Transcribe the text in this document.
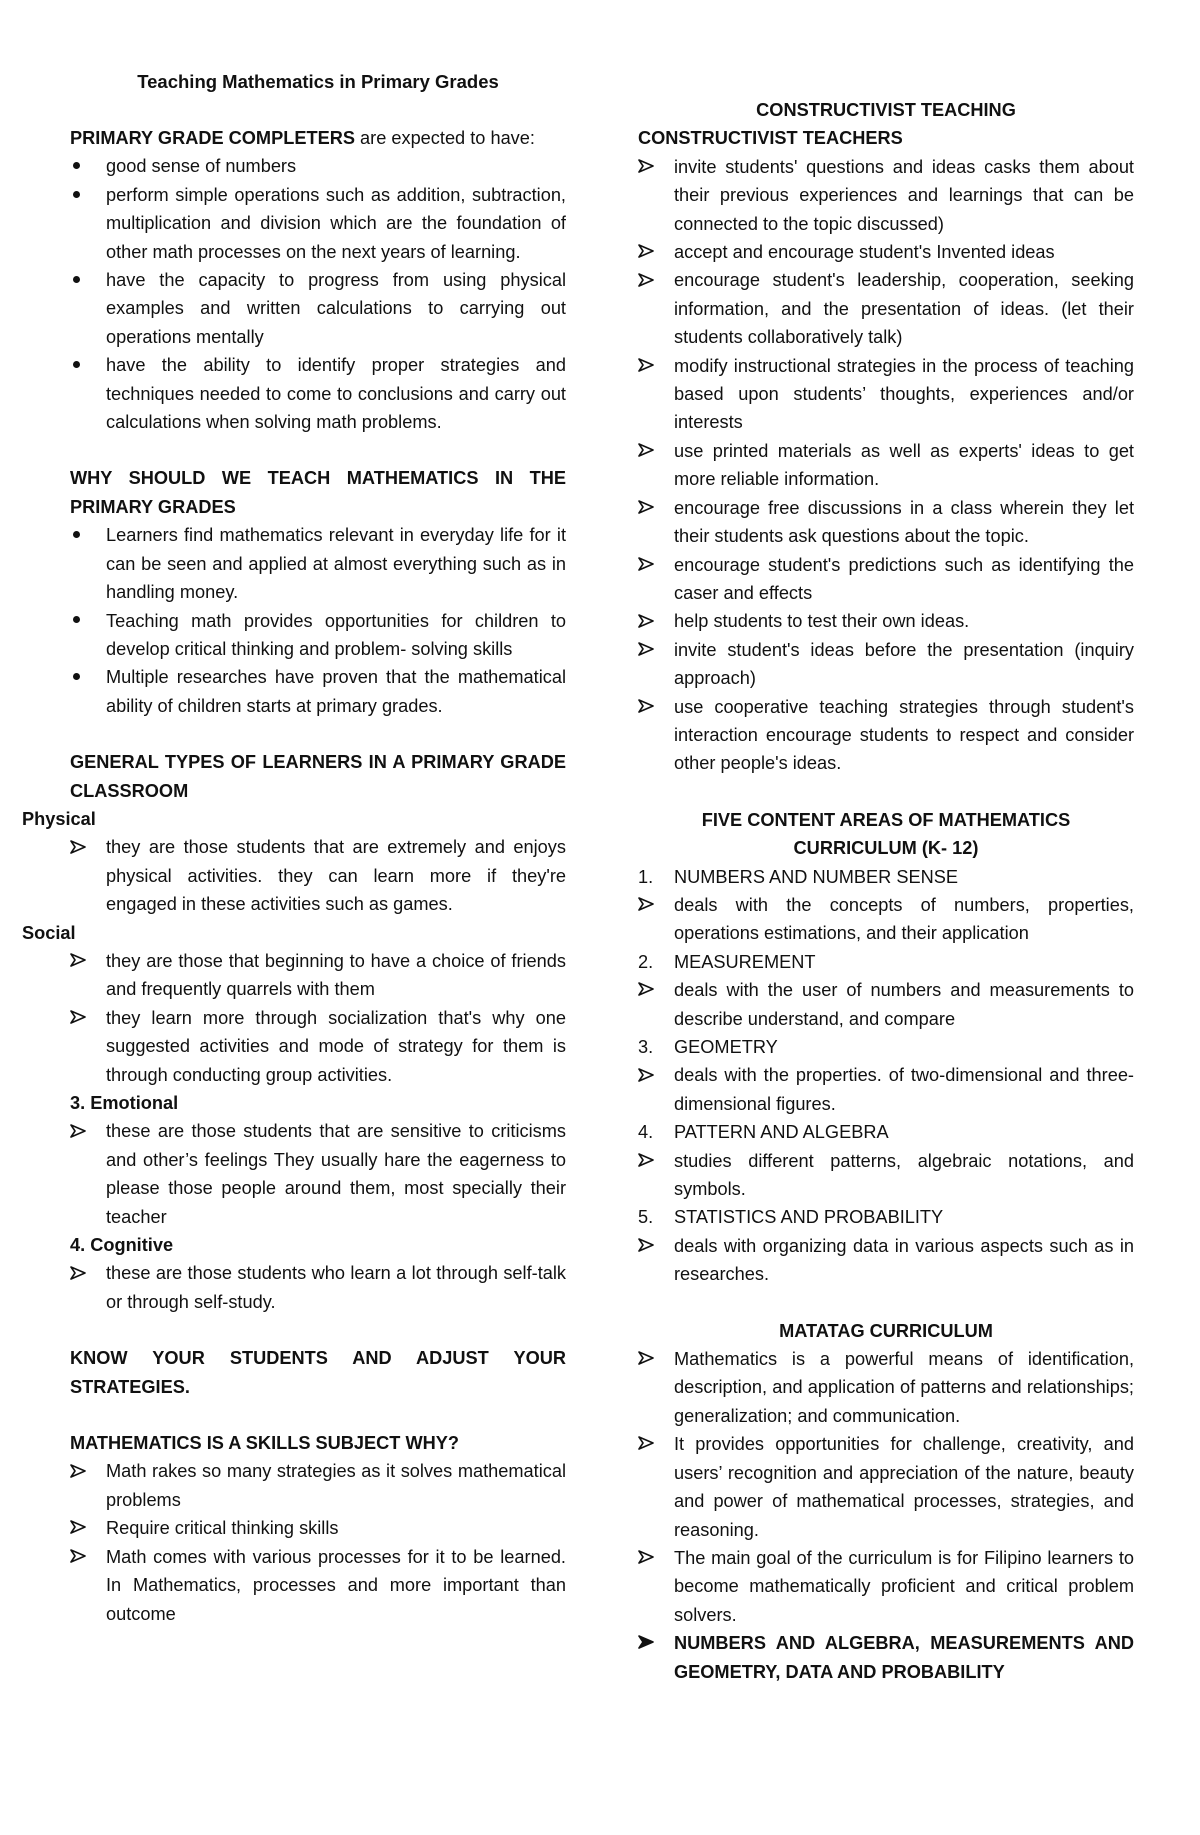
Teaching Mathematics in Primary Grades

PRIMARY GRADE COMPLETERS are expected to have:

good sense of numbers
perform simple operations such as addition, subtraction, multiplication and division which are the foundation of other math processes on the next years of learning.
have the capacity to progress from using physical examples and written calculations to carrying out operations mentally
have the ability to identify proper strategies and techniques needed to come to conclusions and carry out calculations when solving math problems.

WHY SHOULD WE TEACH MATHEMATICS IN THE PRIMARY GRADES

Learners find mathematics relevant in everyday life for it can be seen and applied at almost everything such as in handling money.
Teaching math provides opportunities for children to develop critical thinking and problem- solving skills
Multiple researches have proven that the mathematical ability of children starts at primary grades.

GENERAL TYPES OF LEARNERS IN A PRIMARY GRADE CLASSROOM

Physical

they are those students that are extremely and enjoys physical activities. they can learn more if they're engaged in these activities such as games.

Social

they are those that beginning to have a choice of friends and frequently quarrels with them
they learn more through socialization that's why one suggested activities and mode of strategy for them is through conducting group activities.

3. Emotional

these are those students that are sensitive to criticisms and other’s feelings They usually hare the eagerness to please those people around them, most specially their teacher

4. Cognitive

these are those students who learn a lot through self-talk or through self-study.

KNOW YOUR STUDENTS AND ADJUST YOUR STRATEGIES.

MATHEMATICS IS A SKILLS SUBJECT WHY?

Math rakes so many strategies as it solves mathematical problems
Require critical thinking skills
Math comes with various processes for it to be learned. In Mathematics, processes and more important than outcome

CONSTRUCTIVIST TEACHING

CONSTRUCTIVIST TEACHERS

invite students' questions and ideas casks them about their previous experiences and learnings that can be connected to the topic discussed)
accept and encourage student's Invented ideas
encourage student's leadership, cooperation, seeking information, and the presentation of ideas. (let their students collaboratively talk)
modify instructional strategies in the process of teaching based upon students’ thoughts, experiences and/or interests
use printed materials as well as experts' ideas to get more reliable information.
encourage free discussions in a class wherein they let their students ask questions about the topic.
encourage student's predictions such as identifying the caser and effects
help students to test their own ideas.
invite student's ideas before the presentation (inquiry approach)
use cooperative teaching strategies through student's interaction encourage students to respect and consider other people's ideas.

FIVE CONTENT AREAS OF MATHEMATICS CURRICULUM (K- 12)

1. NUMBERS AND NUMBER SENSE
deals with the concepts of numbers, properties, operations estimations, and their application
2. MEASUREMENT
deals with the user of numbers and measurements to describe understand, and compare
3. GEOMETRY
deals with the properties. of two-dimensional and three-dimensional figures.
4. PATTERN AND ALGEBRA
studies different patterns, algebraic notations, and symbols.
5. STATISTICS AND PROBABILITY
deals with organizing data in various aspects such as in researches.

MATATAG CURRICULUM

Mathematics is a powerful means of identification, description, and application of patterns and relationships; generalization; and communication.
It provides opportunities for challenge, creativity, and users’ recognition and appreciation of the nature, beauty and power of mathematical processes, strategies, and reasoning.
The main goal of the curriculum is for Filipino learners to become mathematically proficient and critical problem solvers.
NUMBERS AND ALGEBRA, MEASUREMENTS AND GEOMETRY, DATA AND PROBABILITY
